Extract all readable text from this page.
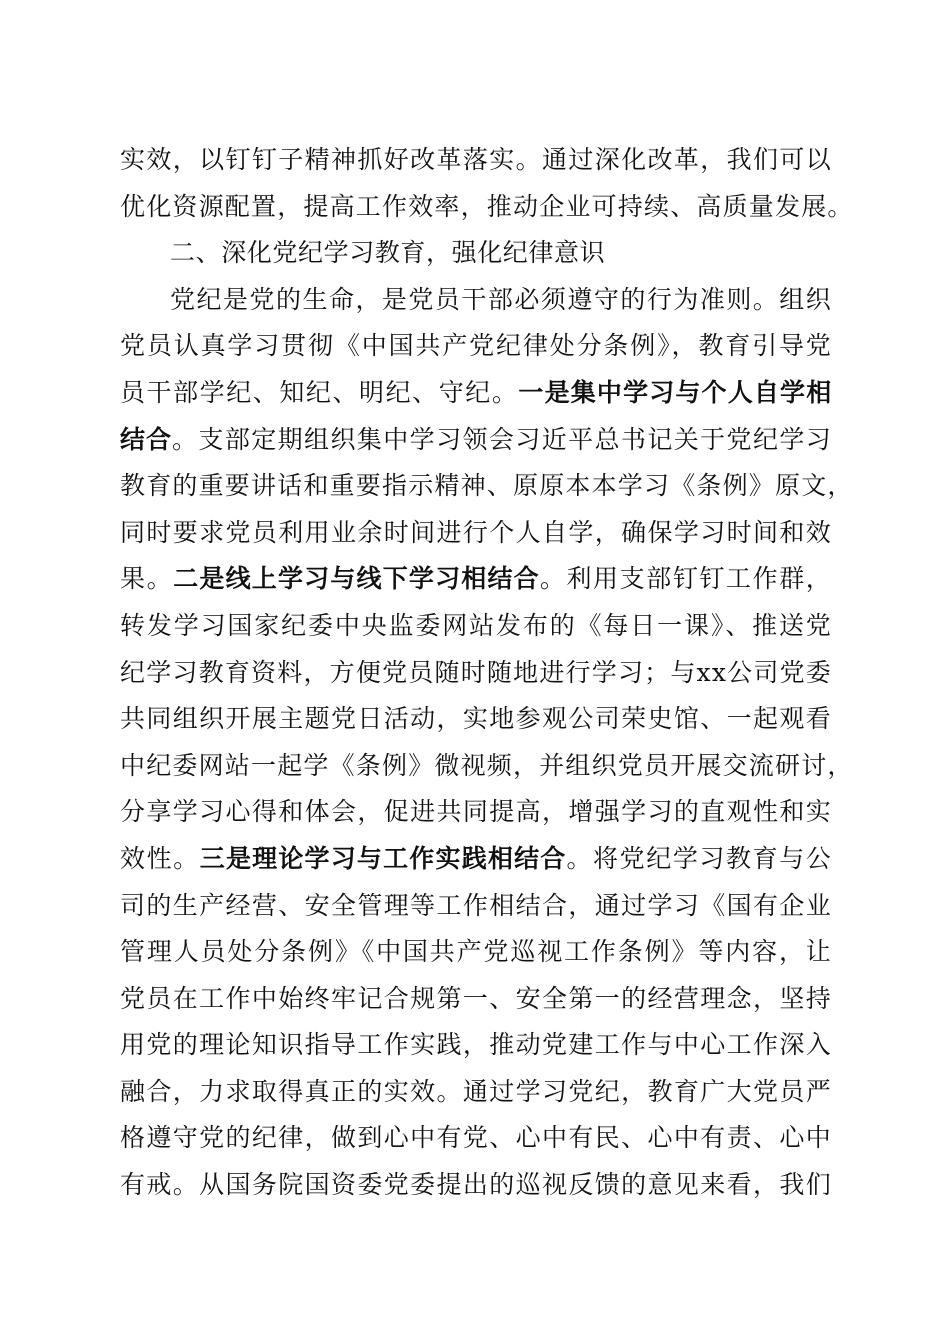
实效，以钉钉子精神抓好改革落实。通过深化改革，我们可以
优化资源配置，提高工作效率，推动企业可持续、高质量发展。
二、深化党纪学习教育，强化纪律意识
党纪是党的生命，是党员干部必须遵守的行为准则。组织
党员认真学习贯彻《中国共产党纪律处分条例》，教育引导党
员干部学纪、知纪、明纪、守纪。一是集中学习与个人自学相
结合。支部定期组织集中学习领会习近平总书记关于党纪学习
教育的重要讲话和重要指示精神、原原本本学习《条例》原文，
同时要求党员利用业余时间进行个人自学，确保学习时间和效
果。二是线上学习与线下学习相结合。利用支部钉钉工作群，
转发学习国家纪委中央监委网站发布的《每日一课》、推送党
纪学习教育资料，方便党员随时随地进行学习；与xx公司党委
共同组织开展主题党日活动，实地参观公司荣史馆、一起观看
中纪委网站一起学《条例》微视频，并组织党员开展交流研讨，
分享学习心得和体会，促进共同提高，增强学习的直观性和实
效性。三是理论学习与工作实践相结合。将党纪学习教育与公
司的生产经营、安全管理等工作相结合，通过学习《国有企业
管理人员处分条例》《中国共产党巡视工作条例》等内容，让
党员在工作中始终牢记合规第一、安全第一的经营理念，坚持
用党的理论知识指导工作实践，推动党建工作与中心工作深入
融合，力求取得真正的实效。通过学习党纪，教育广大党员严
格遵守党的纪律，做到心中有党、心中有民、心中有责、心中
有戒。从国务院国资委党委提出的巡视反馈的意见来看，我们
